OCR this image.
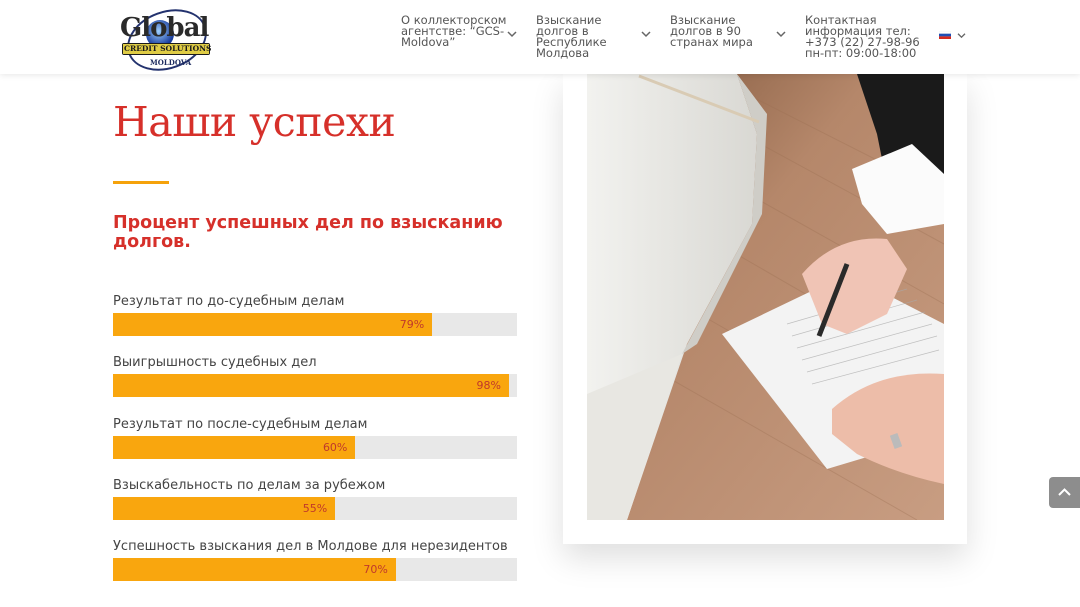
Global
CREDIT SOLUTIONS
MOLDOVA
О коллекторском
агентстве: “GCS-
Moldova”
Взыскание
долгов в
Республике
Молдова
Взыскание
долгов в 90
странах мира
Контактная
информация тел:
+373 (22) 27-98-96
пн-пт: 09:00-18:00
Наши успехи
Процент успешных дел по взысканию долгов.
Результат по до-судебным делам
79%
Выигрышность судебных дел
98%
Результат по после-судебным делам
60%
Взыскабельность по делам за рубежом
55%
Успешность взыскания дел в Молдове для нерезидентов
70%
